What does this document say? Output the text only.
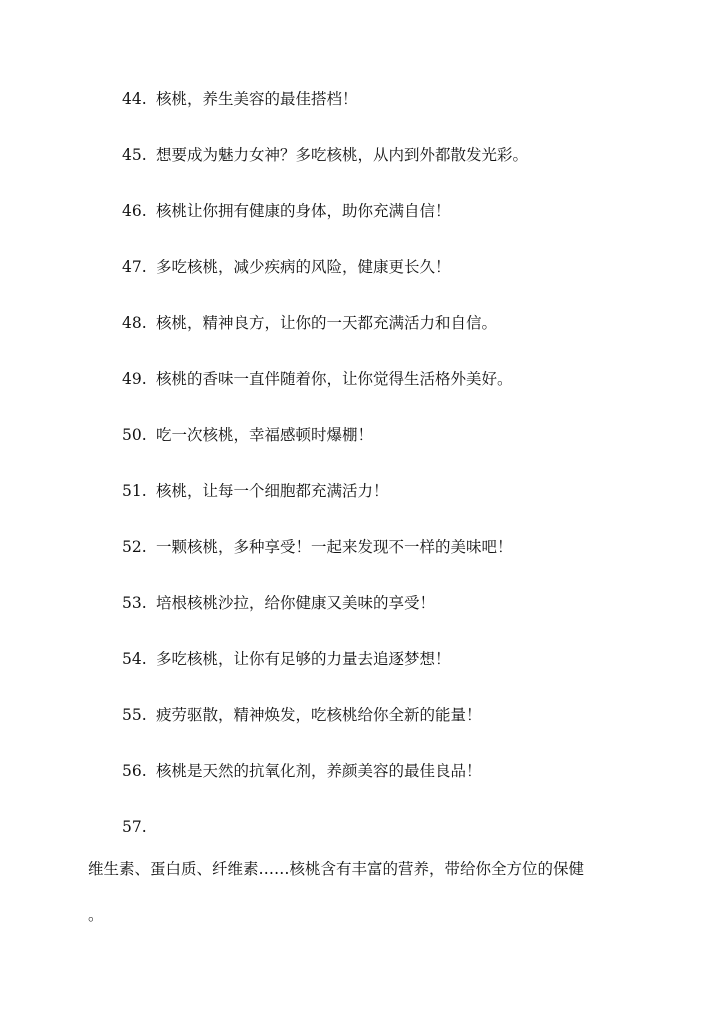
44. 核桃，养生美容的最佳搭档！
45. 想要成为魅力女神？多吃核桃，从内到外都散发光彩。
46. 核桃让你拥有健康的身体，助你充满自信！
47. 多吃核桃，减少疾病的风险，健康更长久！
48. 核桃，精神良方，让你的一天都充满活力和自信。
49. 核桃的香味一直伴随着你，让你觉得生活格外美好。
50. 吃一次核桃，幸福感顿时爆棚！
51. 核桃，让每一个细胞都充满活力！
52. 一颗核桃，多种享受！一起来发现不一样的美味吧！
53. 培根核桃沙拉，给你健康又美味的享受！
54. 多吃核桃，让你有足够的力量去追逐梦想！
55. 疲劳驱散，精神焕发，吃核桃给你全新的能量！
56. 核桃是天然的抗氧化剂，养颜美容的最佳良品！
57.
维生素、蛋白质、纤维素……核桃含有丰富的营养，带给你全方位的保健
。
